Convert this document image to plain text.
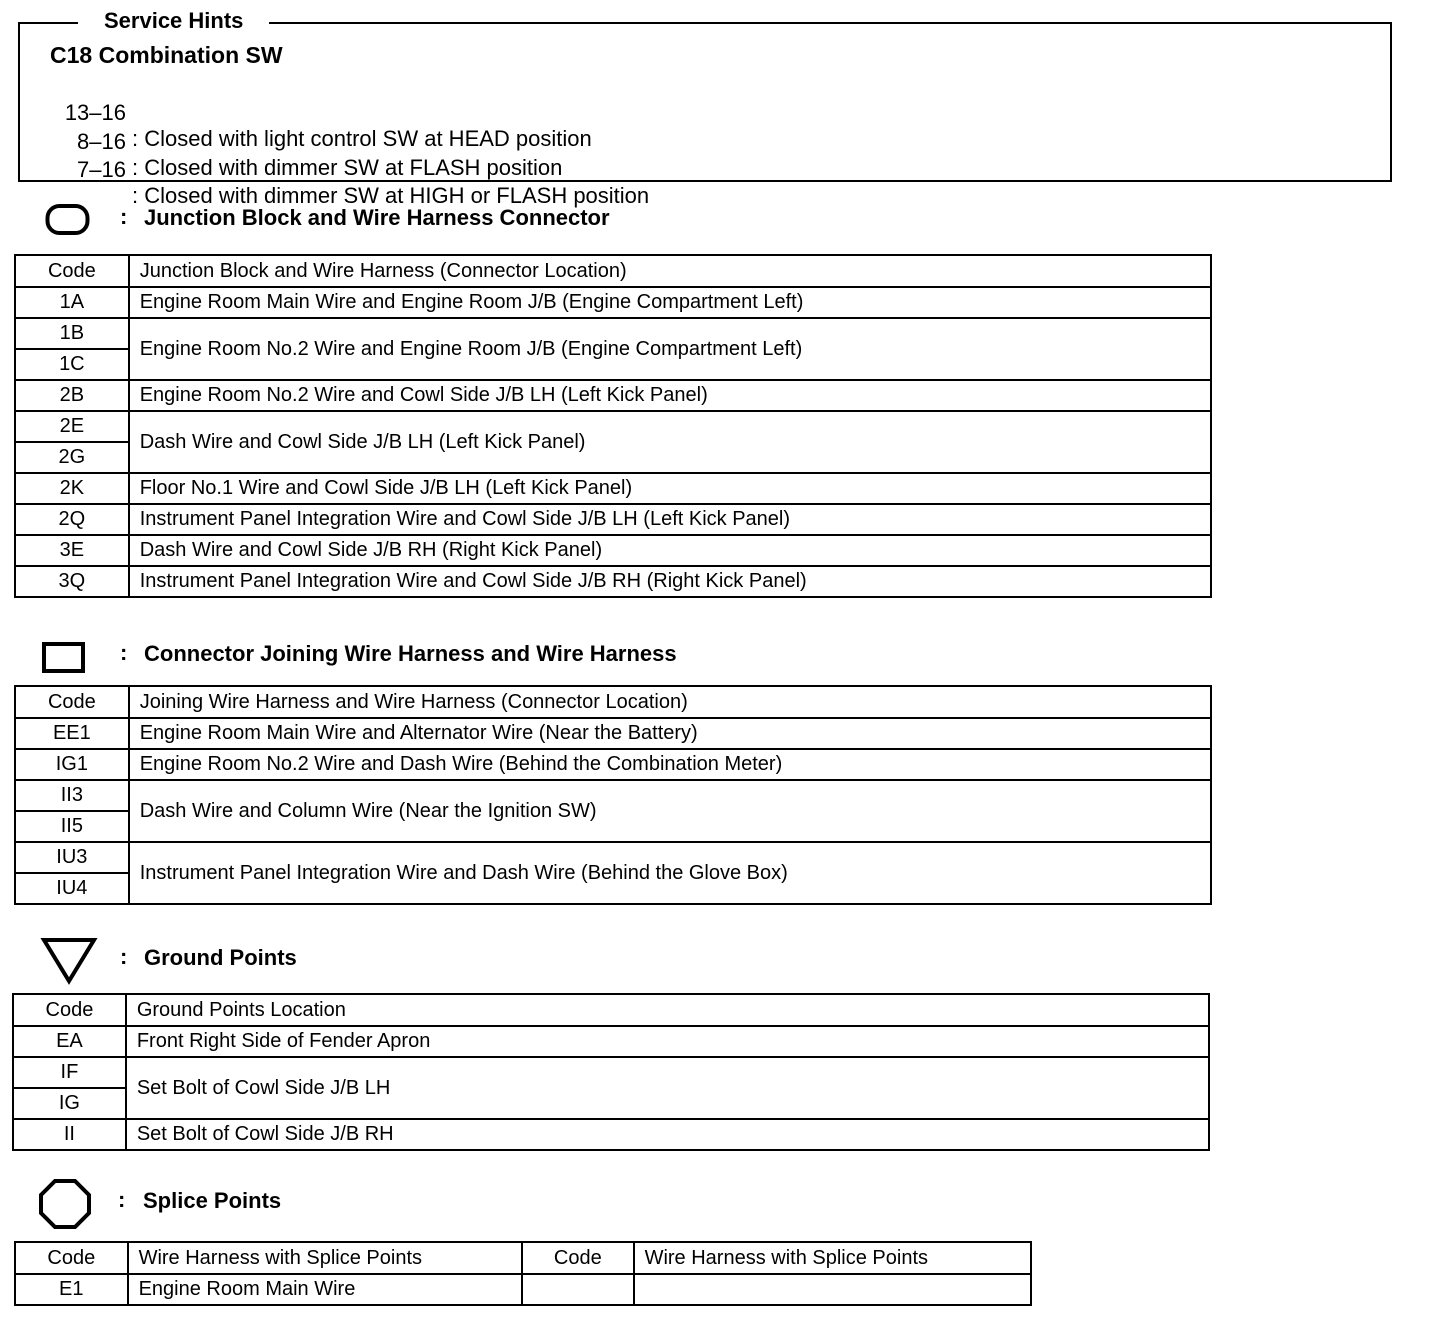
Service Hints
C18 Combination SW

13–16

: Closed with light control SW at HEAD position

8–16

: Closed with dimmer SW at FLASH position

7–16

: Closed with dimmer SW at HIGH or FLASH position

: Junction Block and Wire Harness Connector
Code	Junction Block and Wire Harness (Connector Location)
1A	Engine Room Main Wire and Engine Room J/B (Engine Compartment Left)
1B	Engine Room No.2 Wire and Engine Room J/B (Engine Compartment Left)
1C	
2B	Engine Room No.2 Wire and Cowl Side J/B LH (Left Kick Panel)
2E	Dash Wire and Cowl Side J/B LH (Left Kick Panel)
2G	
2K	Floor No.1 Wire and Cowl Side J/B LH (Left Kick Panel)
2Q	Instrument Panel Integration Wire and Cowl Side J/B LH (Left Kick Panel)
3E	Dash Wire and Cowl Side J/B RH (Right Kick Panel)
3Q	Instrument Panel Integration Wire and Cowl Side J/B RH (Right Kick Panel)
: Connector Joining Wire Harness and Wire Harness
Code	Joining Wire Harness and Wire Harness (Connector Location)
EE1	Engine Room Main Wire and Alternator Wire (Near the Battery)
IG1	Engine Room No.2 Wire and Dash Wire (Behind the Combination Meter)
II3	Dash Wire and Column Wire (Near the Ignition SW)
II5	
IU3	Instrument Panel Integration Wire and Dash Wire (Behind the Glove Box)
IU4	
: Ground Points
Code	Ground Points Location
EA	Front Right Side of Fender Apron
IF	Set Bolt of Cowl Side J/B LH
IG	
II	Set Bolt of Cowl Side J/B RH
: Splice Points
Code	Wire Harness with Splice Points	Code	Wire Harness with Splice Points
E1	Engine Room Main Wire		
